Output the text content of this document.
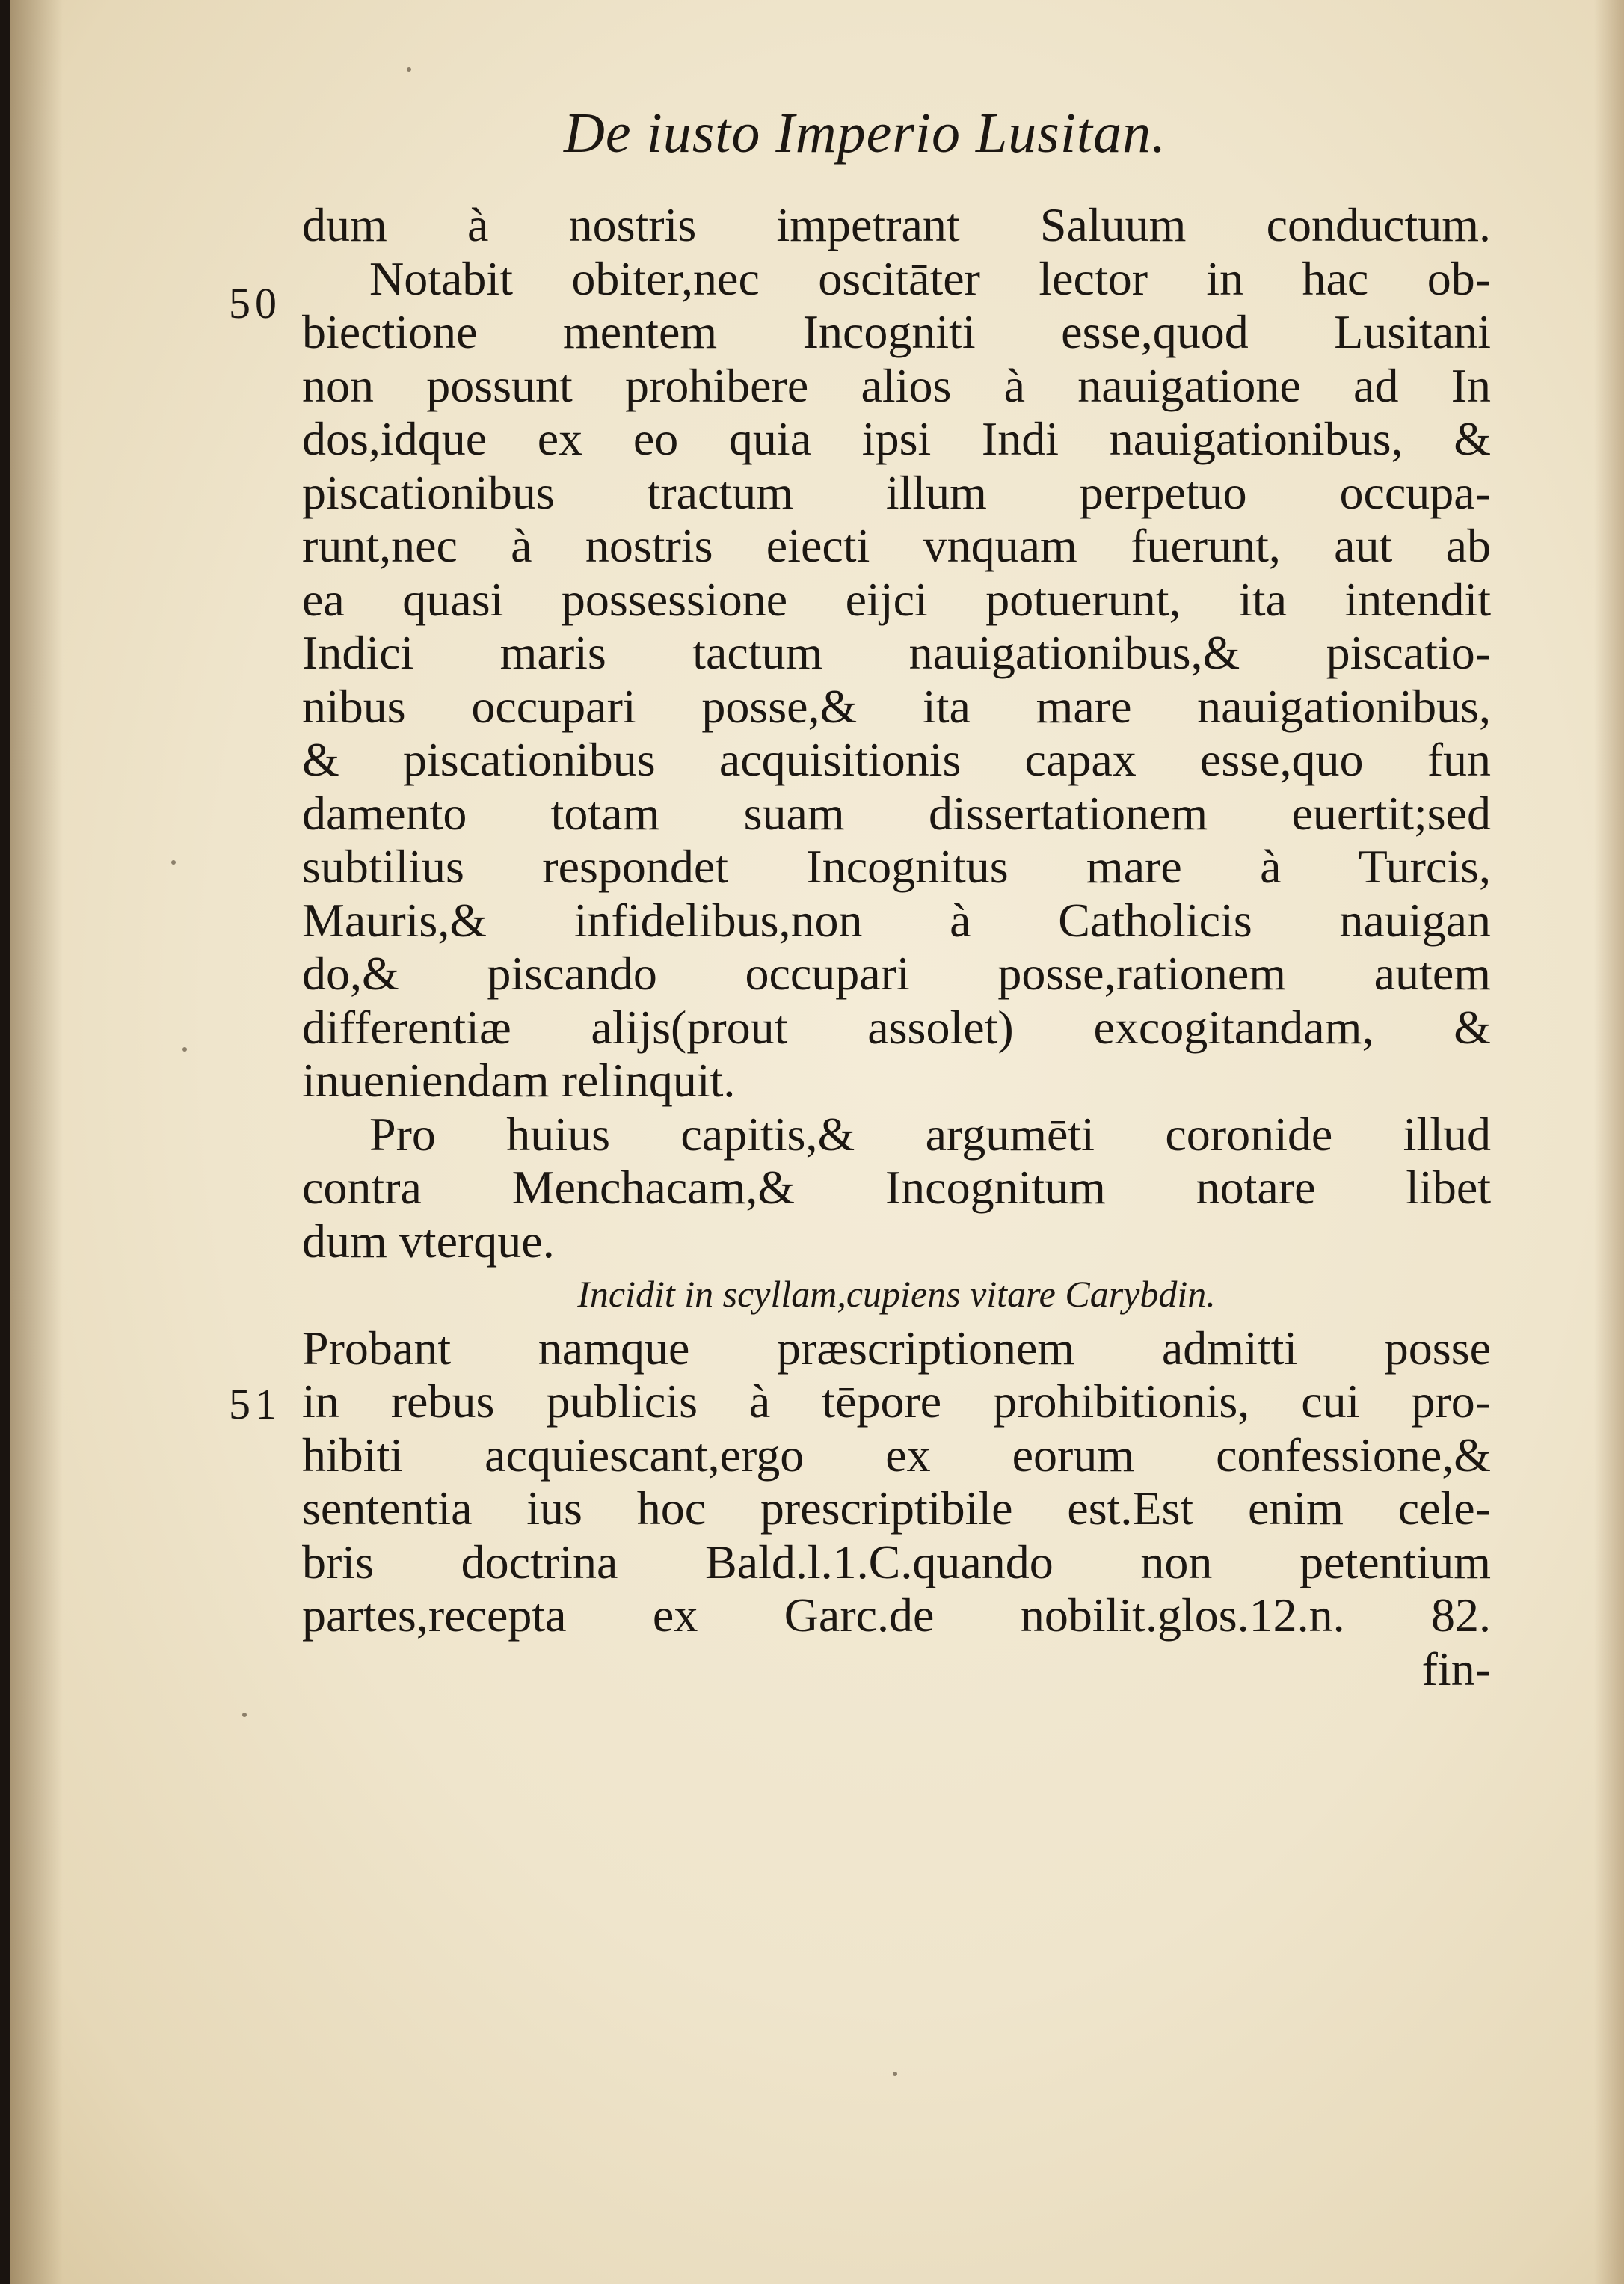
De iusto Imperio Lusitan.
50
51
dum à nostris impetrant Saluum conductum.
Notabit obiter,nec oscitāter lector in hac ob-
biectione mentem Incogniti esse,quod Lusitani
non possunt prohibere alios à nauigatione ad In
dos,idque ex eo quia ipsi Indi nauigationibus, &
piscationibus tractum illum perpetuo occupa-
runt,nec à nostris eiecti vnquam fuerunt, aut ab
ea quasi possessione eijci potuerunt, ita intendit
Indici maris tactum nauigationibus,& piscatio-
nibus occupari posse,& ita mare nauigationibus,
& piscationibus acquisitionis capax esse,quo fun
damento totam suam dissertationem euertit;sed
subtilius respondet Incognitus mare à Turcis,
Mauris,& infidelibus,non à Catholicis nauigan
do,& piscando occupari posse,rationem autem
differentiæ alijs(prout assolet) excogitandam, &
inueniendam relinquit.
Pro huius capitis,& argumēti coronide illud
contra Menchacam,& Incognitum notare libet
dum vterque.
Incidit in scyllam,cupiens vitare Carybdin.
Probant namque præscriptionem admitti posse
in rebus publicis à tēpore prohibitionis, cui pro-
hibiti acquiescant,ergo ex eorum confessione,&
sententia ius hoc prescriptibile est.Est enim cele-
bris doctrina Bald.l.1.C.quando non petentium
partes,recepta ex Garc.de nobilit.glos.12.n. 82.
fin-
